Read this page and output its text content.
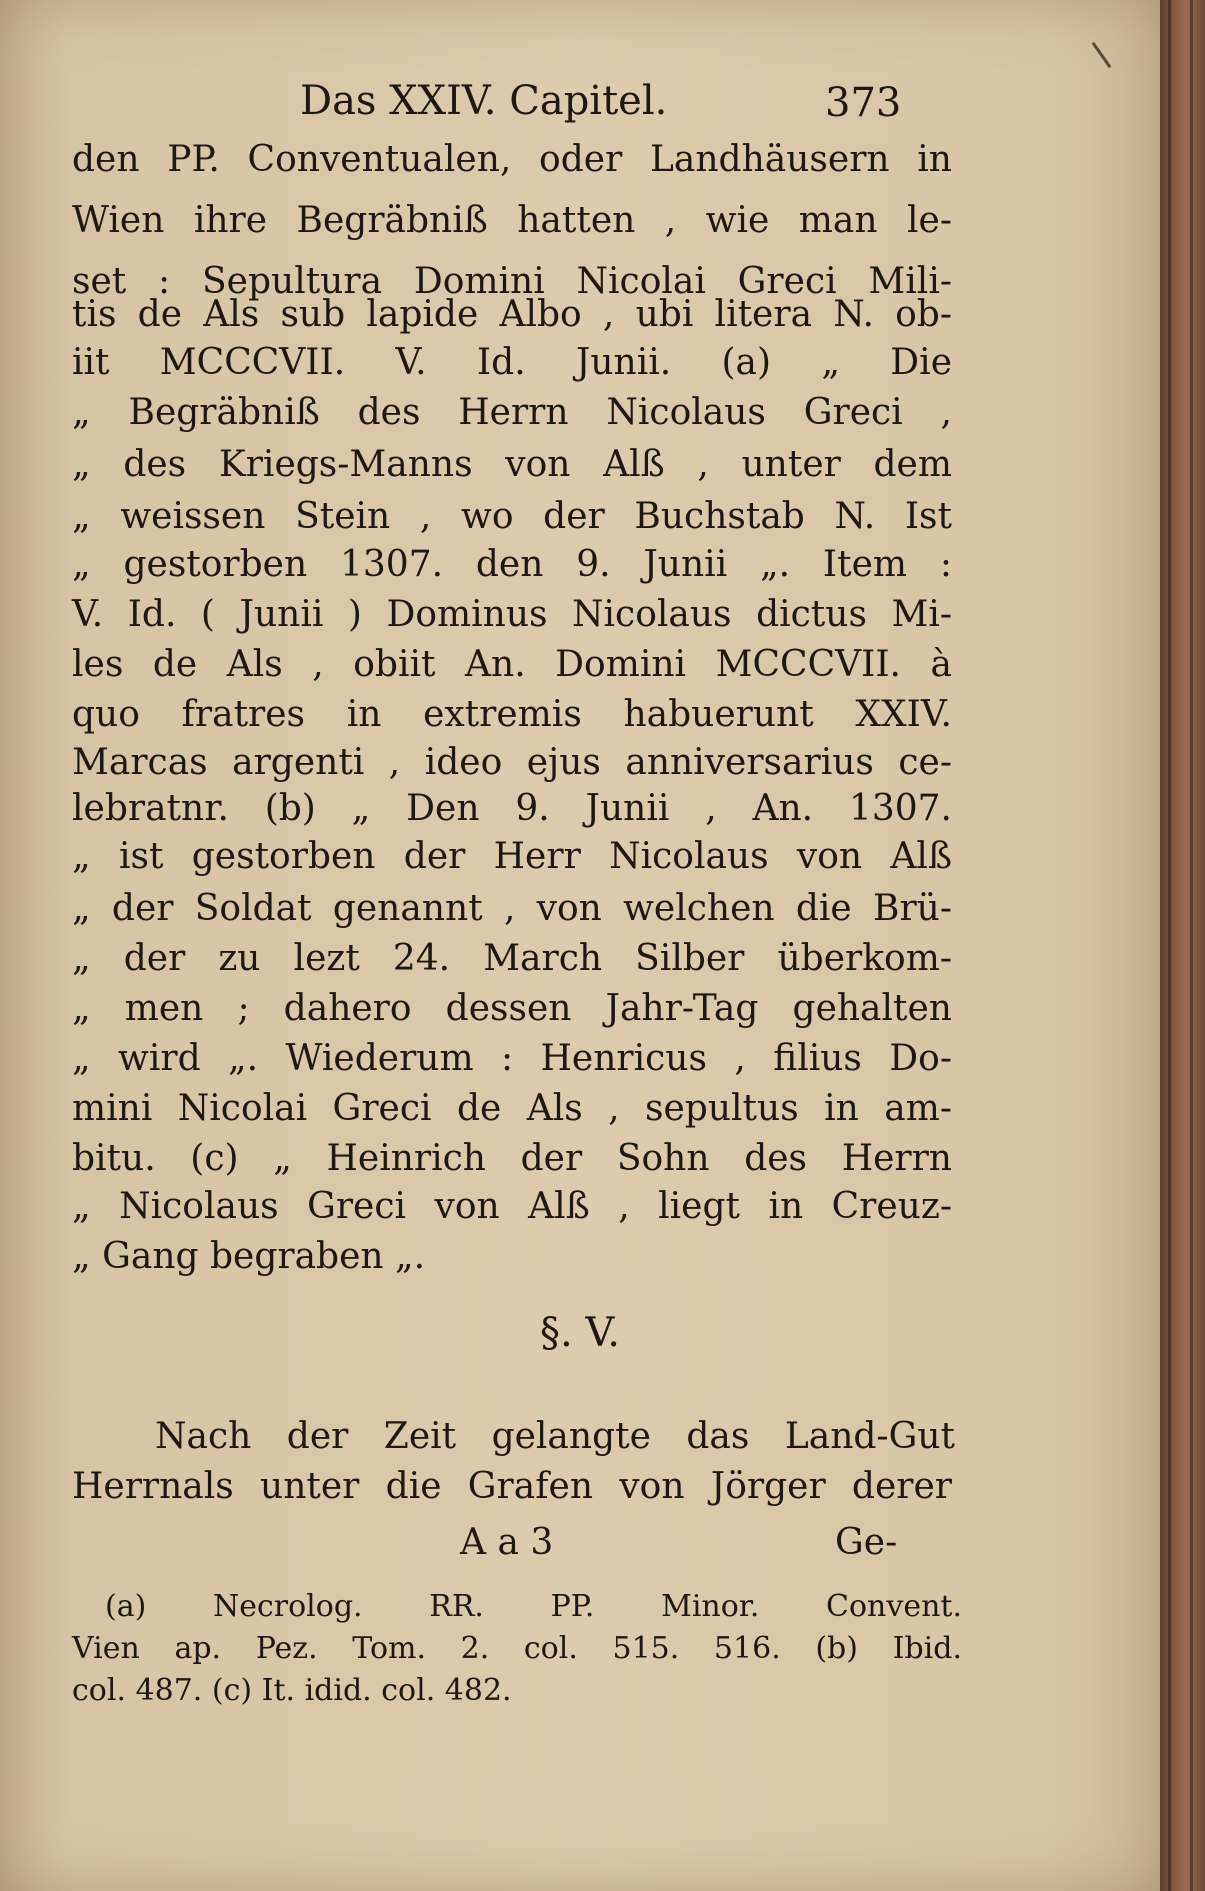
Das XXIV. Capitel.	373
den PP. Conventualen, oder Landhäusern in
Wien ihre Begräbniß hatten , wie man le-
set : Sepultura Domini Nicolai Greci Mili-
tis de Als sub lapide Albo , ubi litera N. ob-
iit MCCCVII. V. Id. Junii. (a) „ Die
„ Begräbniß des Herrn Nicolaus Greci ,
„ des Kriegs-Manns von Alß , unter dem
„ weissen Stein , wo der Buchstab N. Ist
„ gestorben 1307. den 9. Junii „. Item :
V. Id. ( Junii ) Dominus Nicolaus dictus Mi-
les de Als , obiit An. Domini MCCCVII. à
quo fratres in extremis habuerunt XXIV.
Marcas argenti , ideo ejus anniversarius ce-
lebratnr. (b) „ Den 9. Junii , An. 1307.
„ ist gestorben der Herr Nicolaus von Alß
„ der Soldat genannt , von welchen die Brü-
„ der zu lezt 24. March Silber überkom-
„ men ; dahero dessen Jahr-Tag gehalten
„ wird „. Wiederum : Henricus , filius Do-
mini Nicolai Greci de Als , sepultus in am-
bitu. (c) „ Heinrich der Sohn des Herrn
„ Nicolaus Greci von Alß , liegt in Creuz-
„ Gang begraben „.
§. V.
Nach der Zeit gelangte das Land-Gut
Herrnals unter die Grafen von Jörger derer
A a 3	Ge-
(a) Necrolog. RR. PP. Minor. Convent.
Vien ap. Pez. Tom. 2. col. 515. 516. (b) Ibid.
col. 487. (c) It. idid. col. 482.
